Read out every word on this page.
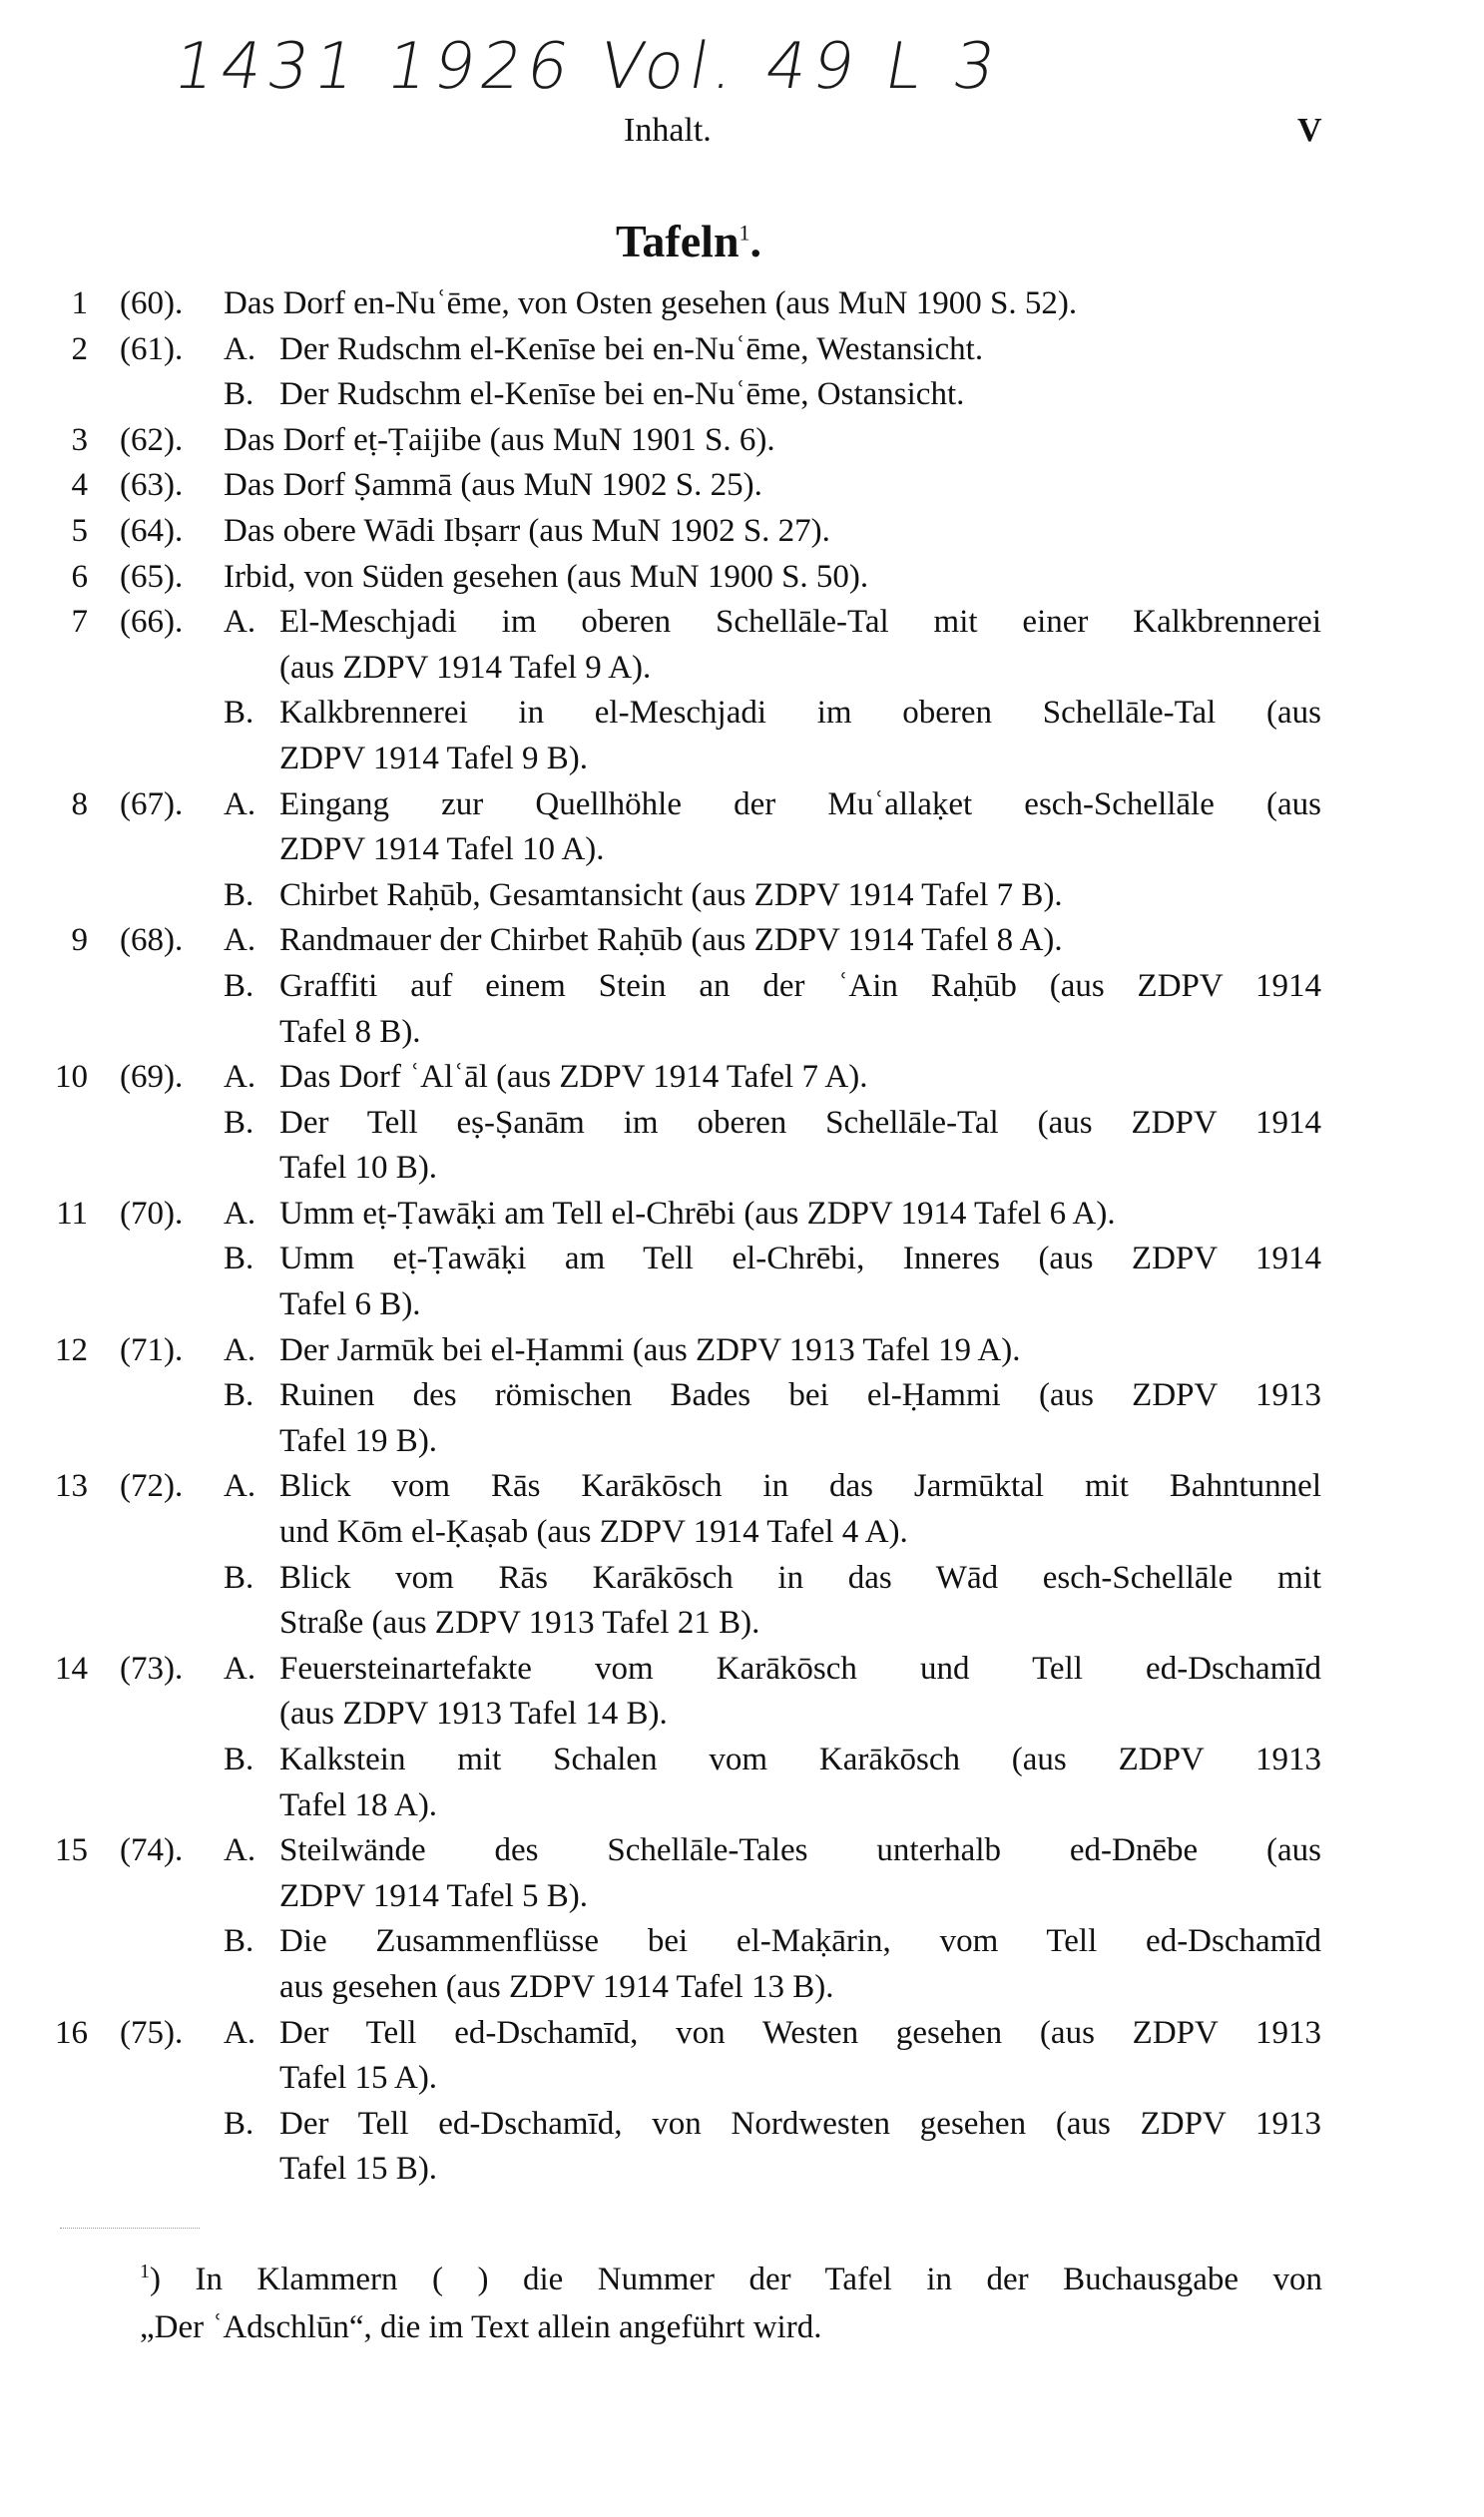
1431 1926 Vol. 49 L 3
Inhalt.	V
Tafeln$^1$.
1 (60). Das Dorf en-Nuʿēme, von Osten gesehen (aus MuN 1900 S. 52).
2 (61). A. Der Rudschm el-Kenīse bei en-Nuʿēme, Westansicht.
B. Der Rudschm el-Kenīse bei en-Nuʿēme, Ostansicht.
3 (62). Das Dorf eṭ-Ṭaijibe (aus MuN 1901 S. 6).
4 (63). Das Dorf Ṣammā (aus MuN 1902 S. 25).
5 (64). Das obere Wādi Ibṣarr (aus MuN 1902 S. 27).
6 (65). Irbid, von Süden gesehen (aus MuN 1900 S. 50).
7 (66). A. El-Meschjadi im oberen Schellāle-Tal mit einer Kalkbrennerei
(aus ZDPV 1914 Tafel 9 A).
B. Kalkbrennerei in el-Meschjadi im oberen Schellāle-Tal (aus
ZDPV 1914 Tafel 9 B).
8 (67). A. Eingang zur Quellhöhle der Muʿallaḳet esch-Schellāle (aus
ZDPV 1914 Tafel 10 A).
B. Chirbet Raḥūb, Gesamtansicht (aus ZDPV 1914 Tafel 7 B).
9 (68). A. Randmauer der Chirbet Raḥūb (aus ZDPV 1914 Tafel 8 A).
B. Graffiti auf einem Stein an der ʿAin Raḥūb (aus ZDPV 1914
Tafel 8 B).
10 (69). A. Das Dorf ʿAlʿāl (aus ZDPV 1914 Tafel 7 A).
B. Der Tell eṣ-Ṣanām im oberen Schellāle-Tal (aus ZDPV 1914
Tafel 10 B).
11 (70). A. Umm eṭ-Ṭawāḳi am Tell el-Chrēbi (aus ZDPV 1914 Tafel 6 A).
B. Umm eṭ-Ṭawāḳi am Tell el-Chrēbi, Inneres (aus ZDPV 1914
Tafel 6 B).
12 (71). A. Der Jarmūk bei el-Ḥammi (aus ZDPV 1913 Tafel 19 A).
B. Ruinen des römischen Bades bei el-Ḥammi (aus ZDPV 1913
Tafel 19 B).
13 (72). A. Blick vom Rās Karākōsch in das Jarmūktal mit Bahntunnel
und Kōm el-Ḳaṣab (aus ZDPV 1914 Tafel 4 A).
B. Blick vom Rās Karākōsch in das Wād esch-Schellāle mit
Straße (aus ZDPV 1913 Tafel 21 B).
14 (73). A. Feuersteinartefakte vom Karākōsch und Tell ed-Dschamīd
(aus ZDPV 1913 Tafel 14 B).
B. Kalkstein mit Schalen vom Karākōsch (aus ZDPV 1913
Tafel 18 A).
15 (74). A. Steilwände des Schellāle-Tales unterhalb ed-Dnēbe (aus
ZDPV 1914 Tafel 5 B).
B. Die Zusammenflüsse bei el-Maḳārin, vom Tell ed-Dschamīd
aus gesehen (aus ZDPV 1914 Tafel 13 B).
16 (75). A. Der Tell ed-Dschamīd, von Westen gesehen (aus ZDPV 1913
Tafel 15 A).
B. Der Tell ed-Dschamīd, von Nordwesten gesehen (aus ZDPV 1913
Tafel 15 B).
$^1$) In Klammern ( ) die Nummer der Tafel in der Buchausgabe von
„Der ʿAdschlūn“, die im Text allein angeführt wird.
